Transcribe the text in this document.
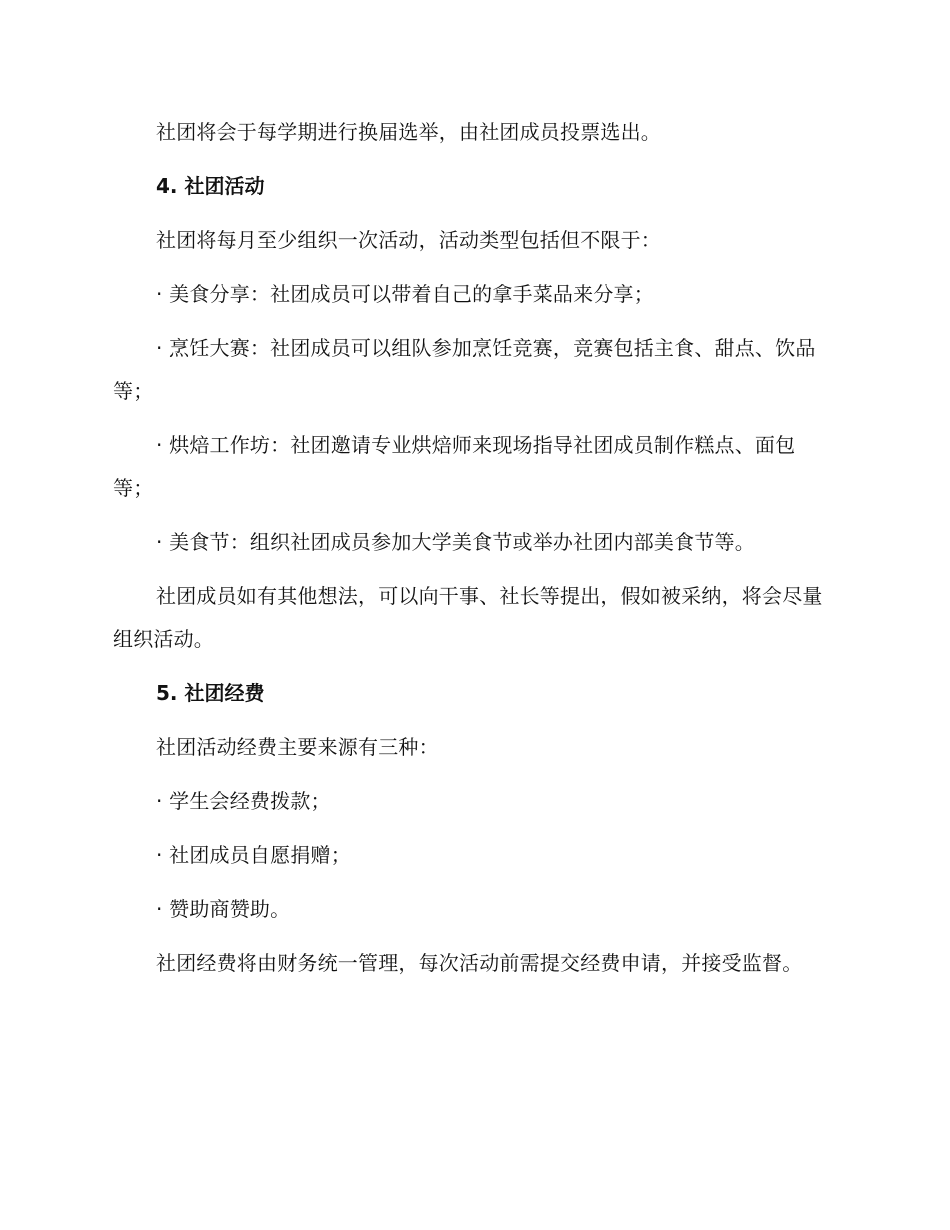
社团将会于每学期进行换届选举，由社团成员投票选出。

4. 社团活动

社团将每月至少组织一次活动，活动类型包括但不限于：

· 美食分享：社团成员可以带着自己的拿手菜品来分享；

· 烹饪大赛：社团成员可以组队参加烹饪竞赛，竞赛包括主食、甜点、饮品等；

· 烘焙工作坊：社团邀请专业烘焙师来现场指导社团成员制作糕点、面包等；

· 美食节：组织社团成员参加大学美食节或举办社团内部美食节等。

社团成员如有其他想法，可以向干事、社长等提出，假如被采纳，将会尽量组织活动。

5. 社团经费

社团活动经费主要来源有三种：

· 学生会经费拨款；

· 社团成员自愿捐赠；

· 赞助商赞助。

社团经费将由财务统一管理，每次活动前需提交经费申请，并接受监督。
